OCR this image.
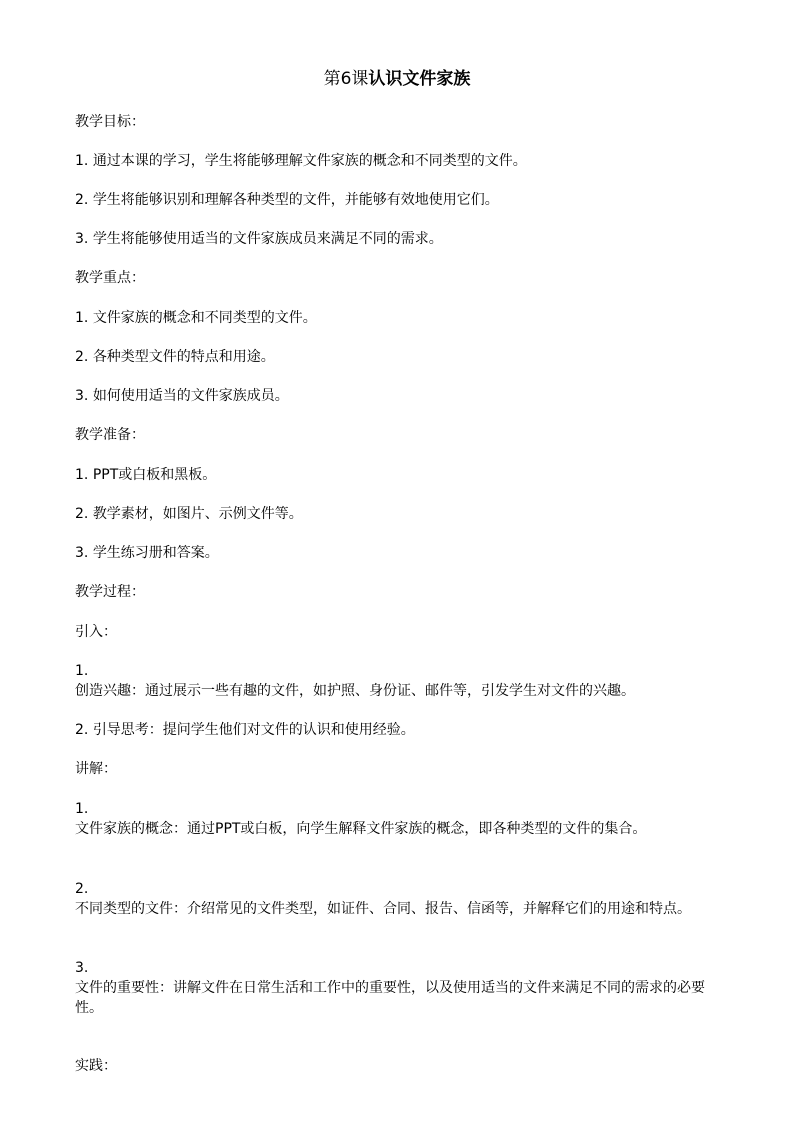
第6课认识文件家族
教学目标：
1. 通过本课的学习，学生将能够理解文件家族的概念和不同类型的文件。
2. 学生将能够识别和理解各种类型的文件，并能够有效地使用它们。
3. 学生将能够使用适当的文件家族成员来满足不同的需求。
教学重点：
1. 文件家族的概念和不同类型的文件。
2. 各种类型文件的特点和用途。
3. 如何使用适当的文件家族成员。
教学准备：
1. PPT或白板和黑板。
2. 教学素材，如图片、示例文件等。
3. 学生练习册和答案。
教学过程：
引入：
1.
创造兴趣：通过展示一些有趣的文件，如护照、身份证、邮件等，引发学生对文件的兴趣。
2. 引导思考：提问学生他们对文件的认识和使用经验。
讲解：
1.
文件家族的概念：通过PPT或白板，向学生解释文件家族的概念，即各种类型的文件的集合。
2.
不同类型的文件：介绍常见的文件类型，如证件、合同、报告、信函等，并解释它们的用途和特点。
3.
文件的重要性：讲解文件在日常生活和工作中的重要性，以及使用适当的文件来满足不同的需求的必要性。
实践：
